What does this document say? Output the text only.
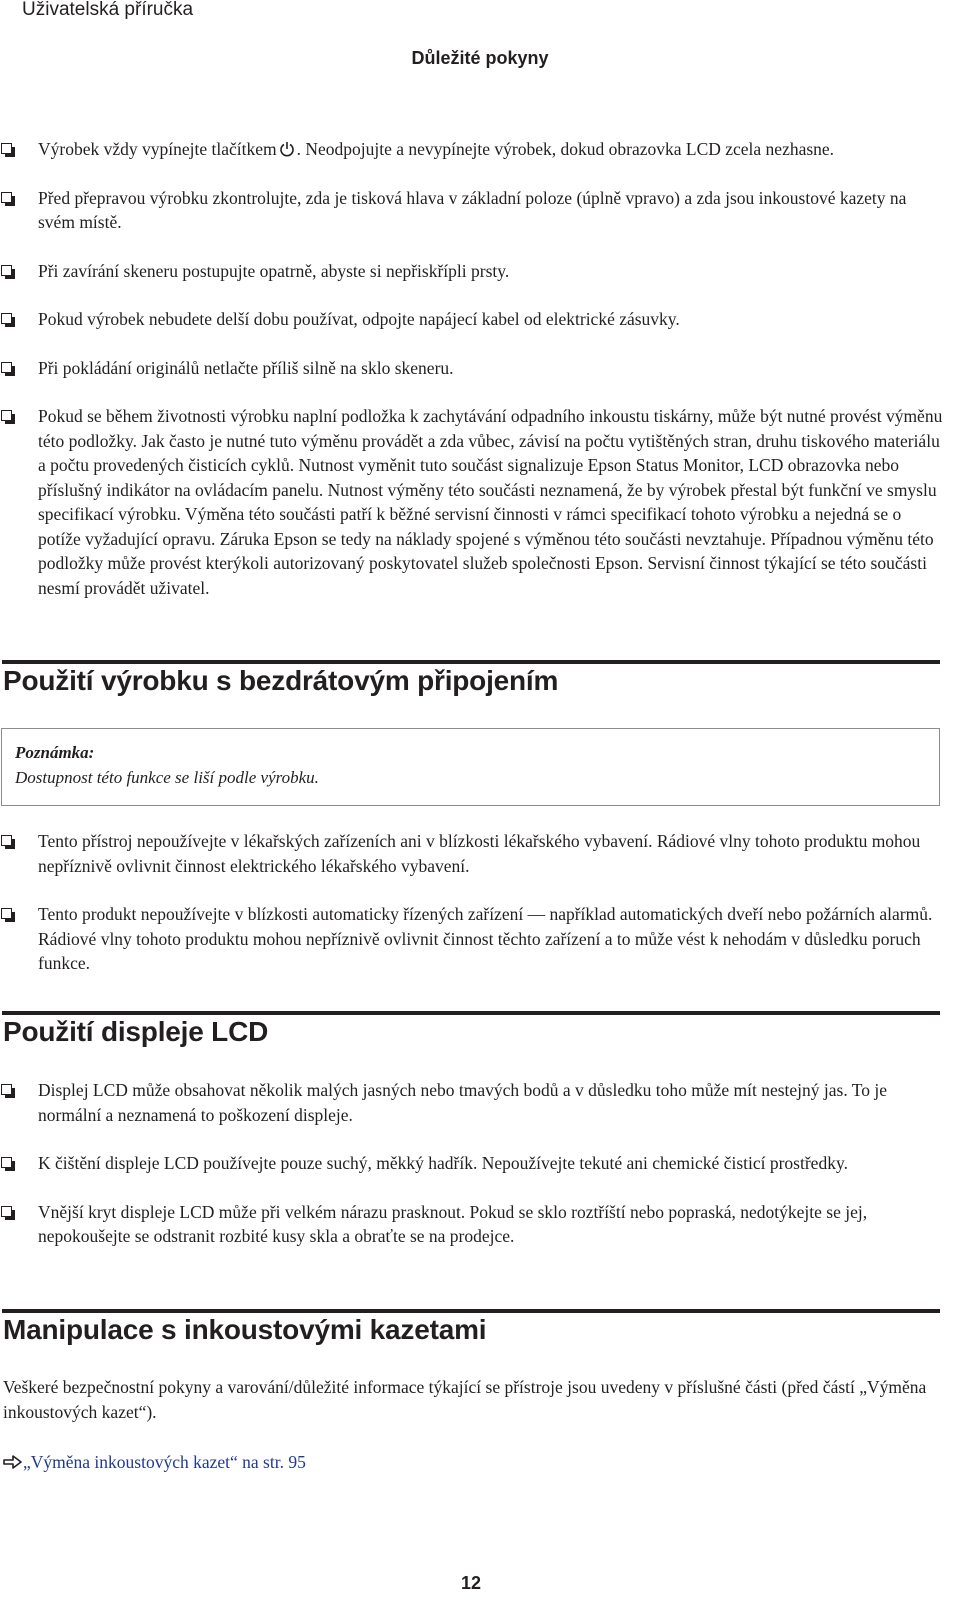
Uživatelská příručka
Důležité pokyny
Výrobek vždy vypínejte tlačítkem . Neodpojujte a nevypínejte výrobek, dokud obrazovka LCD zcela nezhasne.
Před přepravou výrobku zkontrolujte, zda je tisková hlava v základní poloze (úplně vpravo) a zda jsou inkoustové kazety na svém místě.
Při zavírání skeneru postupujte opatrně, abyste si nepřiskřípli prsty.
Pokud výrobek nebudete delší dobu používat, odpojte napájecí kabel od elektrické zásuvky.
Při pokládání originálů netlačte příliš silně na sklo skeneru.
Pokud se během životnosti výrobku naplní podložka k zachytávání odpadního inkoustu tiskárny, může být nutné provést výměnu této podložky. Jak často je nutné tuto výměnu provádět a zda vůbec, závisí na počtu vytištěných stran, druhu tiskového materiálu a počtu provedených čisticích cyklů. Nutnost vyměnit tuto součást signalizuje Epson Status Monitor, LCD obrazovka nebo příslušný indikátor na ovládacím panelu. Nutnost výměny této součásti neznamená, že by výrobek přestal být funkční ve smyslu specifikací výrobku. Výměna této součásti patří k běžné servisní činnosti v rámci specifikací tohoto výrobku a nejedná se o potíže vyžadující opravu. Záruka Epson se tedy na náklady spojené s výměnou této součásti nevztahuje. Případnou výměnu této podložky může provést kterýkoli autorizovaný poskytovatel služeb společnosti Epson. Servisní činnost týkající se této součásti nesmí provádět uživatel.
Použití výrobku s bezdrátovým připojením
Poznámka:
Dostupnost této funkce se liší podle výrobku.
Tento přístroj nepoužívejte v lékařských zařízeních ani v blízkosti lékařského vybavení. Rádiové vlny tohoto produktu mohou nepříznivě ovlivnit činnost elektrického lékařského vybavení.
Tento produkt nepoužívejte v blízkosti automaticky řízených zařízení — například automatických dveří nebo požárních alarmů. Rádiové vlny tohoto produktu mohou nepříznivě ovlivnit činnost těchto zařízení a to může vést k nehodám v důsledku poruch funkce.
Použití displeje LCD
Displej LCD může obsahovat několik malých jasných nebo tmavých bodů a v důsledku toho může mít nestejný jas. To je normální a neznamená to poškození displeje.
K čištění displeje LCD používejte pouze suchý, měkký hadřík. Nepoužívejte tekuté ani chemické čisticí prostředky.
Vnější kryt displeje LCD může při velkém nárazu prasknout. Pokud se sklo roztříští nebo popraská, nedotýkejte se jej, nepokoušejte se odstranit rozbité kusy skla a obraťte se na prodejce.
Manipulace s inkoustovými kazetami
Veškeré bezpečnostní pokyny a varování/důležité informace týkající se přístroje jsou uvedeny v příslušné části (před částí „Výměna inkoustových kazet“).
„Výměna inkoustových kazet“ na str. 95
12
